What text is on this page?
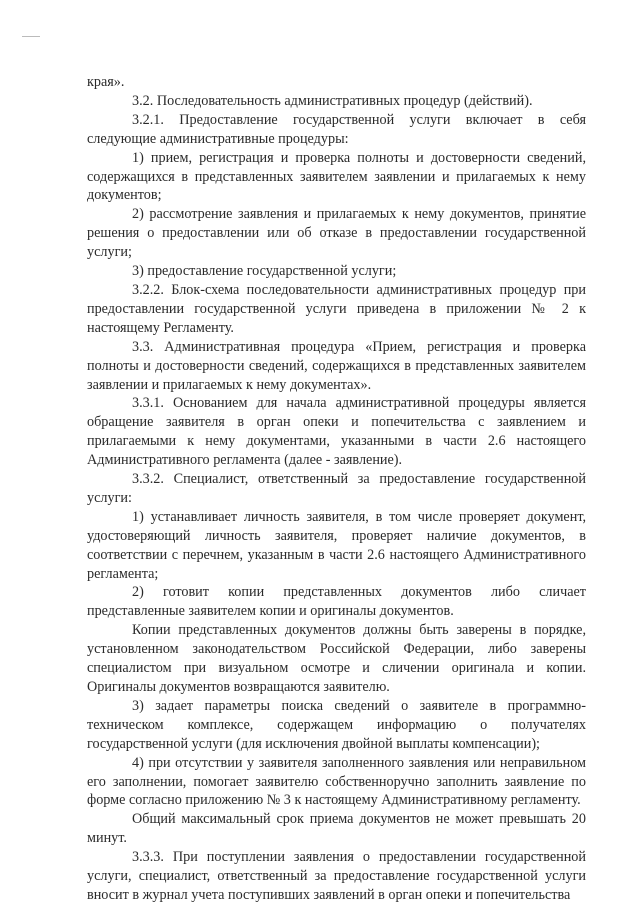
края».

3.2. Последовательность административных процедур (действий).

3.2.1. Предоставление государственной услуги включает в себя следующие административные процедуры:

1) прием, регистрация и проверка полноты и достоверности сведений, содержащихся в представленных заявителем заявлении и прилагаемых к нему документов;

2) рассмотрение заявления и прилагаемых к нему документов, принятие решения о предоставлении или об отказе в предоставлении государственной услуги;

3) предоставление государственной услуги;

3.2.2. Блок-схема последовательности административных процедур при предоставлении государственной услуги приведена в приложении № 2 к настоящему Регламенту.

3.3. Административная процедура «Прием, регистрация и проверка полноты и достоверности сведений, содержащихся в представленных заявителем заявлении и прилагаемых к нему документах».

3.3.1. Основанием для начала административной процедуры является обращение заявителя в орган опеки и попечительства с заявлением и прилагаемыми к нему документами, указанными в части 2.6 настоящего Административного регламента (далее - заявление).

3.3.2. Специалист, ответственный за предоставление государственной услуги:

1) устанавливает личность заявителя, в том числе проверяет документ, удостоверяющий личность заявителя, проверяет наличие документов, в соответствии с перечнем, указанным в части 2.6 настоящего Административного регламента;

2) готовит копии представленных документов либо сличает представленные заявителем копии и оригиналы документов.

Копии представленных документов должны быть заверены в порядке, установленном законодательством Российской Федерации, либо заверены специалистом при визуальном осмотре и сличении оригинала и копии. Оригиналы документов возвращаются заявителю.

3) задает параметры поиска сведений о заявителе в программно-техническом комплексе, содержащем информацию о получателях государственной услуги (для исключения двойной выплаты компенсации);

4) при отсутствии у заявителя заполненного заявления или неправильном его заполнении, помогает заявителю собственноручно заполнить заявление по форме согласно приложению № 3 к настоящему Административному регламенту.

Общий максимальный срок приема документов не может превышать 20 минут.

3.3.3. При поступлении заявления о предоставлении государственной услуги, специалист, ответственный за предоставление государственной услуги вносит в журнал учета поступивших заявлений в орган опеки и попечительства
